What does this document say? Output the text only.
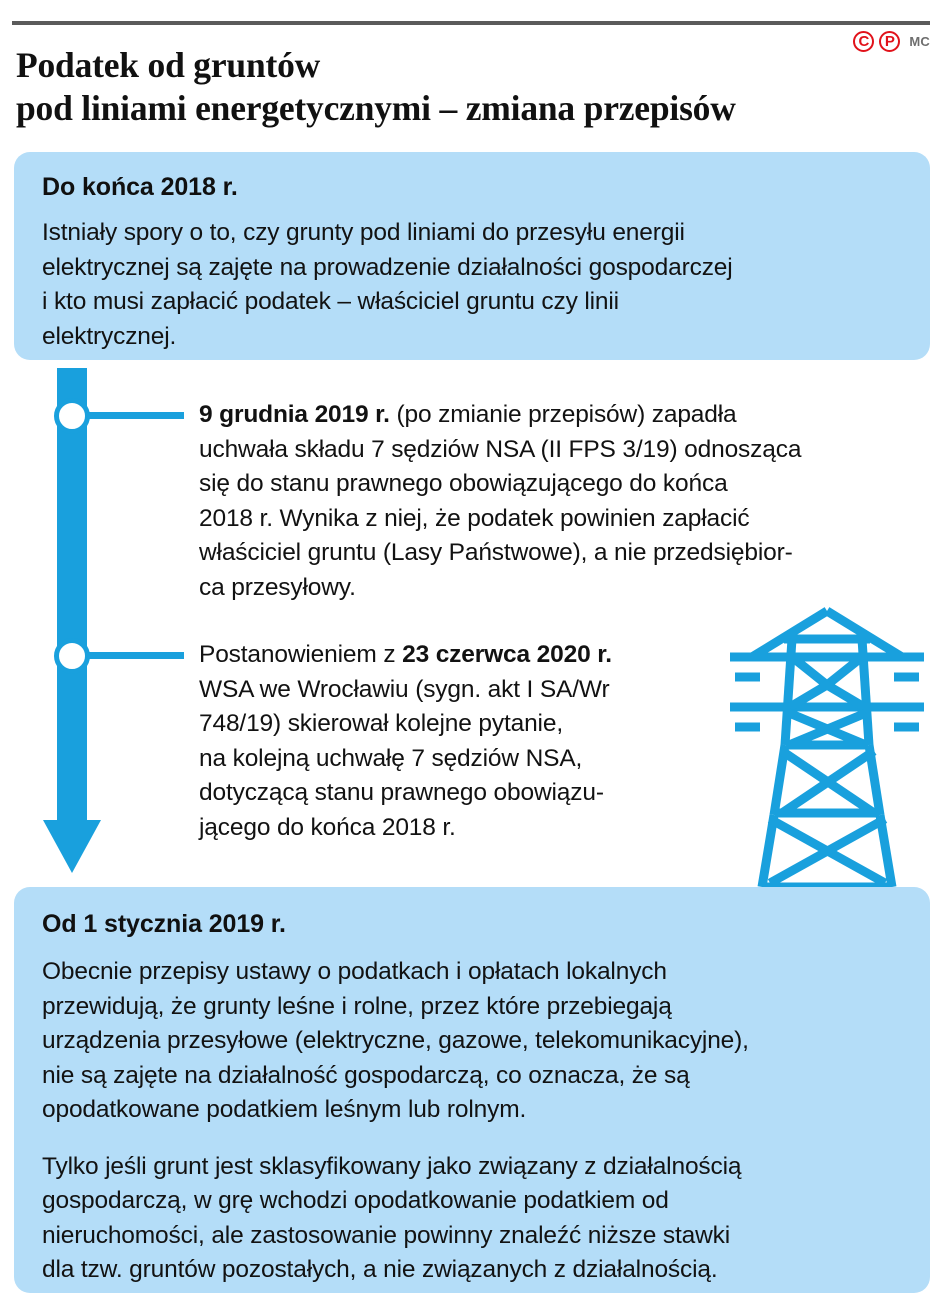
C	P	MC
Podatek od gruntów
pod liniami energetycznymi – zmiana przepisów
Do końca 2018 r.
Istniały spory o to, czy grunty pod liniami do przesyłu energii
elektrycznej są zajęte na prowadzenie działalności gospodarczej
i kto musi zapłacić podatek – właściciel gruntu czy linii
elektrycznej.
9 grudnia 2019 r. (po zmianie przepisów) zapadła
uchwała składu 7 sędziów NSA (II FPS 3/19) odnosząca
się do stanu prawnego obowiązującego do końca
2018 r. Wynika z niej, że podatek powinien zapłacić
właściciel gruntu (Lasy Państwowe), a nie przedsiębior-
ca przesyłowy.
Postanowieniem z 23 czerwca 2020 r.
WSA we Wrocławiu (sygn. akt I SA/Wr
748/19) skierował kolejne pytanie,
na kolejną uchwałę 7 sędziów NSA,
dotyczącą stanu prawnego obowiązu-
jącego do końca 2018 r.
Od 1 stycznia 2019 r.
Obecnie przepisy ustawy o podatkach i opłatach lokalnych
przewidują, że grunty leśne i rolne, przez które przebiegają
urządzenia przesyłowe (elektryczne, gazowe, telekomunikacyjne),
nie są zajęte na działalność gospodarczą, co oznacza, że są
opodatkowane podatkiem leśnym lub rolnym.
Tylko jeśli grunt jest sklasyfikowany jako związany z działalnością
gospodarczą, w grę wchodzi opodatkowanie podatkiem od
nieruchomości, ale zastosowanie powinny znaleźć niższe stawki
dla tzw. gruntów pozostałych, a nie związanych z działalnością.
